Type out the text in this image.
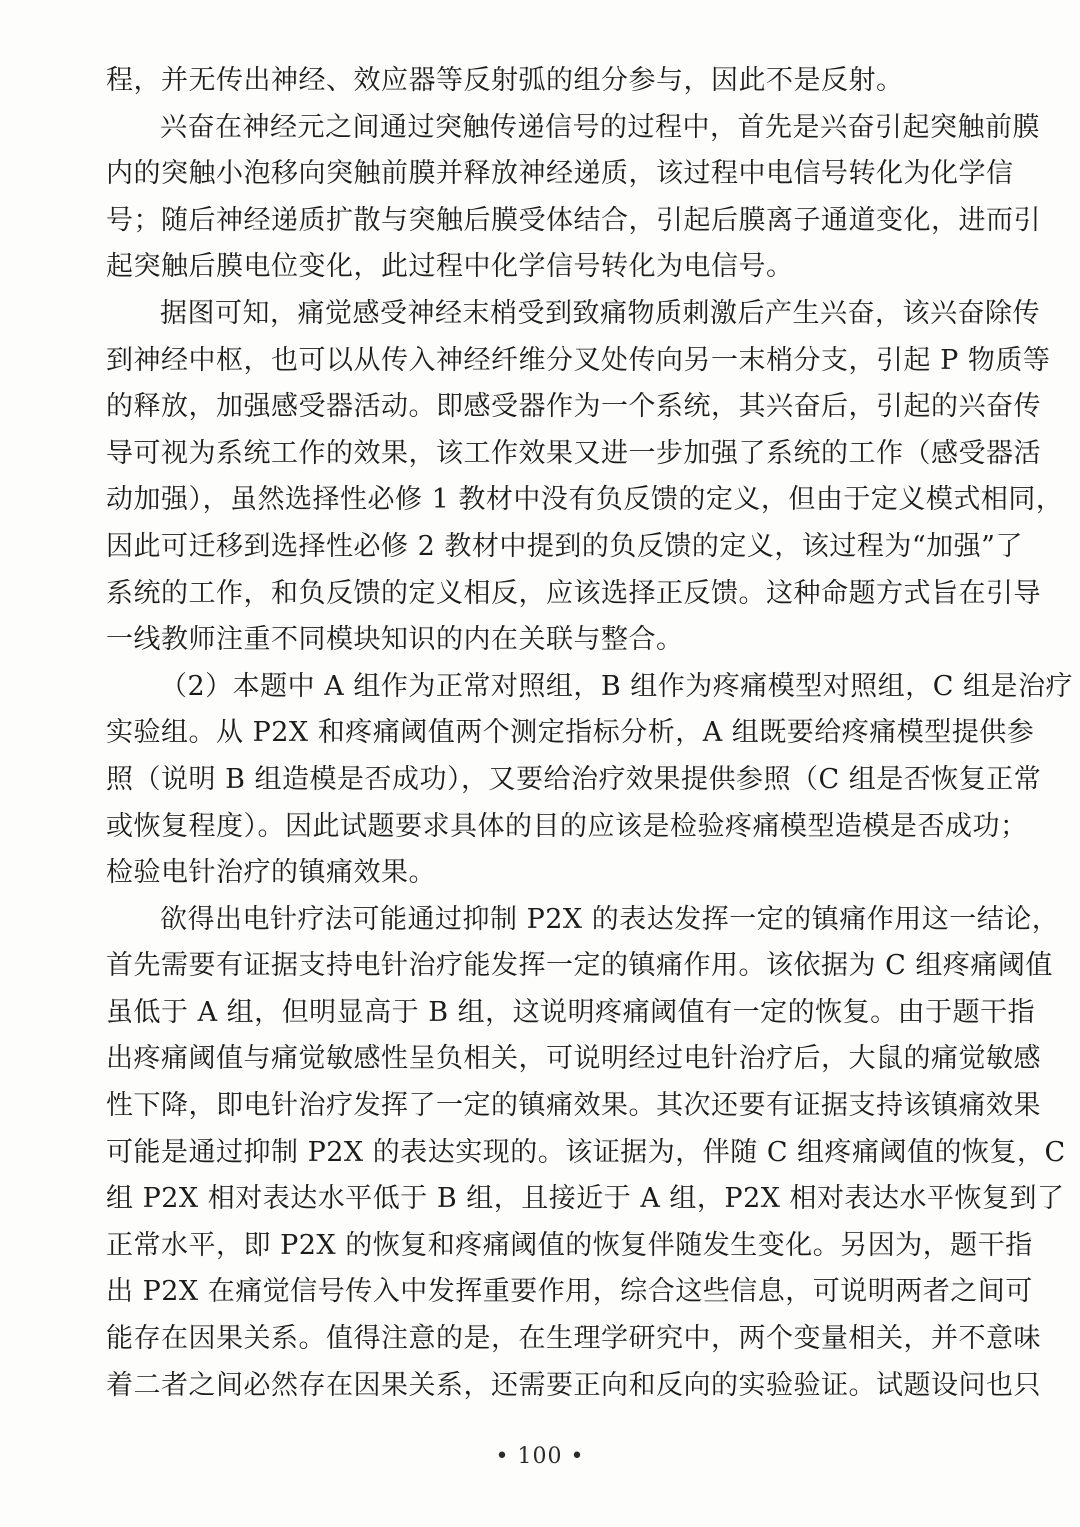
程，并无传出神经、效应器等反射弧的组分参与，因此不是反射。
兴奋在神经元之间通过突触传递信号的过程中，首先是兴奋引起突触前膜
内的突触小泡移向突触前膜并释放神经递质，该过程中电信号转化为化学信
号；随后神经递质扩散与突触后膜受体结合，引起后膜离子通道变化，进而引
起突触后膜电位变化，此过程中化学信号转化为电信号。
据图可知，痛觉感受神经末梢受到致痛物质刺激后产生兴奋，该兴奋除传
到神经中枢，也可以从传入神经纤维分叉处传向另一末梢分支，引起 P 物质等
的释放，加强感受器活动。即感受器作为一个系统，其兴奋后，引起的兴奋传
导可视为系统工作的效果，该工作效果又进一步加强了系统的工作（感受器活
动加强），虽然选择性必修 1 教材中没有负反馈的定义，但由于定义模式相同，
因此可迁移到选择性必修 2 教材中提到的负反馈的定义，该过程为“加强”了
系统的工作，和负反馈的定义相反，应该选择正反馈。这种命题方式旨在引导
一线教师注重不同模块知识的内在关联与整合。
（2）本题中 A 组作为正常对照组，B 组作为疼痛模型对照组，C 组是治疗
实验组。从 P2X 和疼痛阈值两个测定指标分析，A 组既要给疼痛模型提供参
照（说明 B 组造模是否成功），又要给治疗效果提供参照（C 组是否恢复正常
或恢复程度）。因此试题要求具体的目的应该是检验疼痛模型造模是否成功；
检验电针治疗的镇痛效果。
欲得出电针疗法可能通过抑制 P2X 的表达发挥一定的镇痛作用这一结论，
首先需要有证据支持电针治疗能发挥一定的镇痛作用。该依据为 C 组疼痛阈值
虽低于 A 组，但明显高于 B 组，这说明疼痛阈值有一定的恢复。由于题干指
出疼痛阈值与痛觉敏感性呈负相关，可说明经过电针治疗后，大鼠的痛觉敏感
性下降，即电针治疗发挥了一定的镇痛效果。其次还要有证据支持该镇痛效果
可能是通过抑制 P2X 的表达实现的。该证据为，伴随 C 组疼痛阈值的恢复，C
组 P2X 相对表达水平低于 B 组，且接近于 A 组，P2X 相对表达水平恢复到了
正常水平，即 P2X 的恢复和疼痛阈值的恢复伴随发生变化。另因为，题干指
出 P2X 在痛觉信号传入中发挥重要作用，综合这些信息，可说明两者之间可
能存在因果关系。值得注意的是，在生理学研究中，两个变量相关，并不意味
着二者之间必然存在因果关系，还需要正向和反向的实验验证。试题设问也只
• 100 •
